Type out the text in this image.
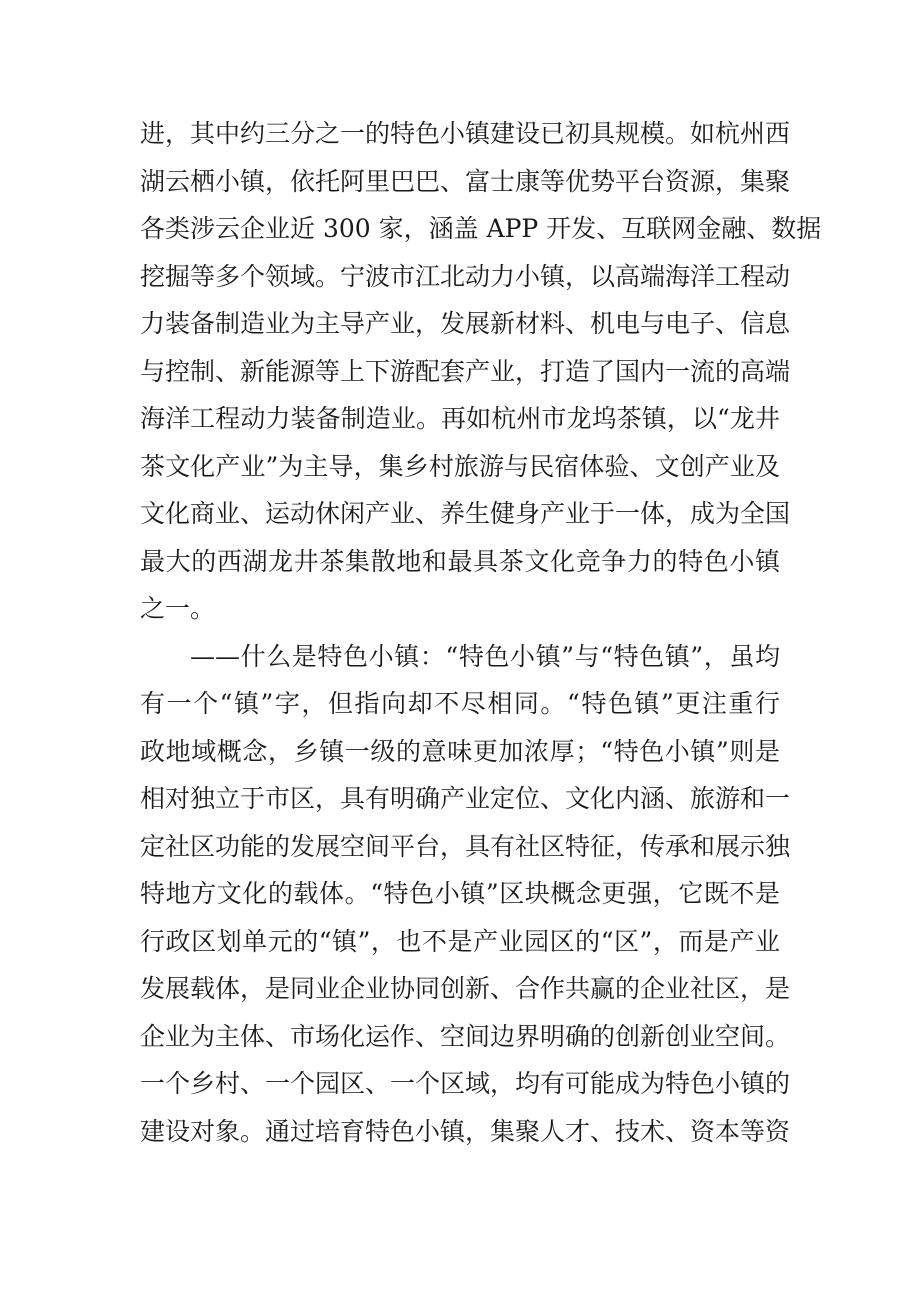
进，其中约三分之一的特色小镇建设已初具规模。如杭州西
湖云栖小镇，依托阿里巴巴、富士康等优势平台资源，集聚
各类涉云企业近 300 家，涵盖 APP 开发、互联网金融、数据
挖掘等多个领域。宁波市江北动力小镇，以高端海洋工程动
力装备制造业为主导产业，发展新材料、机电与电子、信息
与控制、新能源等上下游配套产业，打造了国内一流的高端
海洋工程动力装备制造业。再如杭州市龙坞茶镇，以“龙井
茶文化产业”为主导，集乡村旅游与民宿体验、文创产业及
文化商业、运动休闲产业、养生健身产业于一体，成为全国
最大的西湖龙井茶集散地和最具茶文化竞争力的特色小镇
之一。
——什么是特色小镇：“特色小镇”与“特色镇”，虽均
有一个“镇”字，但指向却不尽相同。“特色镇”更注重行
政地域概念，乡镇一级的意味更加浓厚；“特色小镇”则是
相对独立于市区，具有明确产业定位、文化内涵、旅游和一
定社区功能的发展空间平台，具有社区特征，传承和展示独
特地方文化的载体。“特色小镇”区块概念更强，它既不是
行政区划单元的“镇”，也不是产业园区的“区”，而是产业
发展载体，是同业企业协同创新、合作共赢的企业社区，是
企业为主体、市场化运作、空间边界明确的创新创业空间。
一个乡村、一个园区、一个区域，均有可能成为特色小镇的
建设对象。通过培育特色小镇，集聚人才、技术、资本等资
